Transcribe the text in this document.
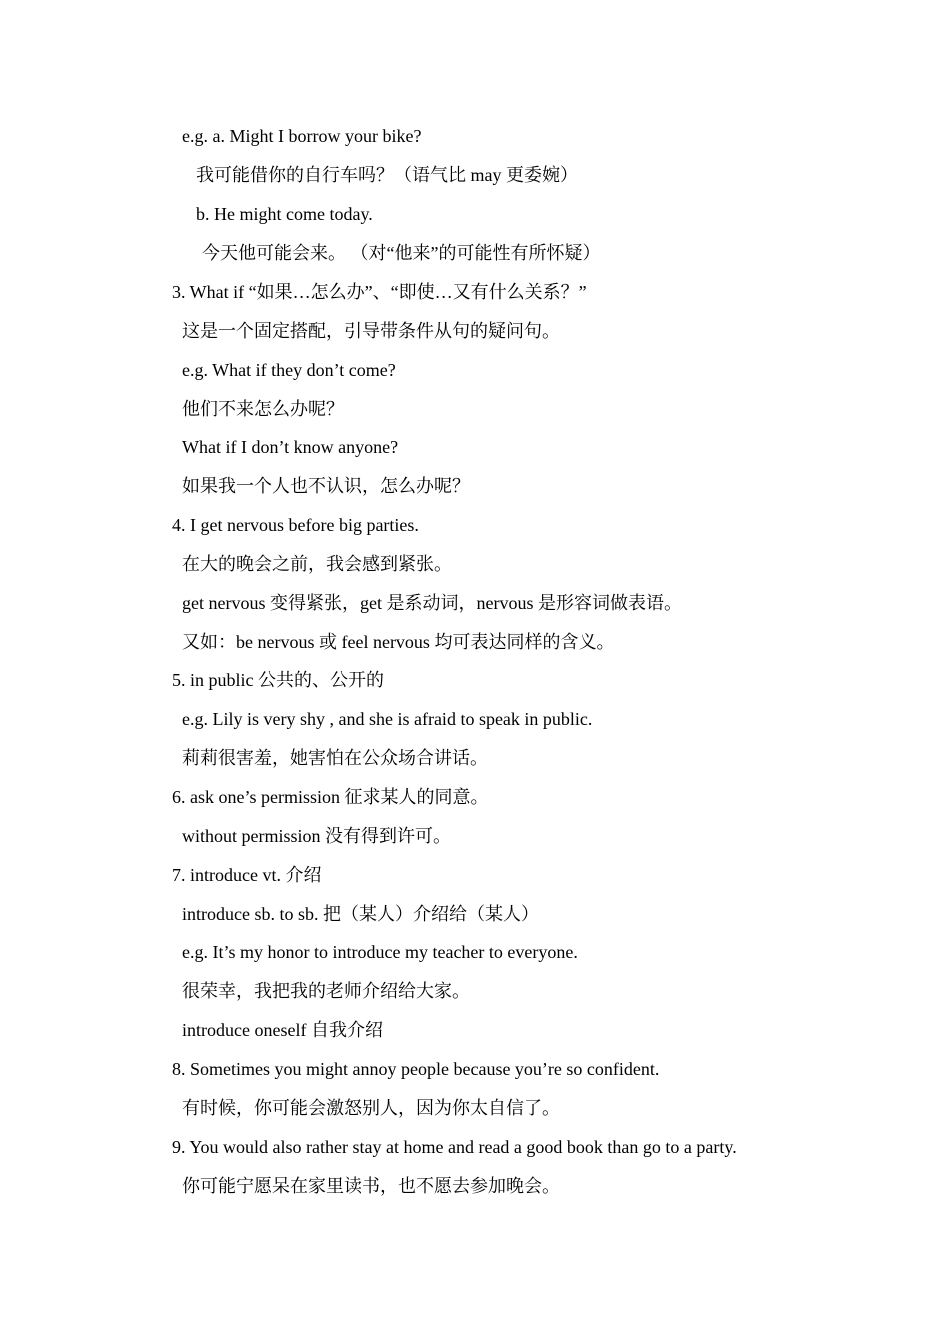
e.g. a. Might I borrow your bike?
我可能借你的自行车吗？（语气比 may 更委婉）
b. He might come today.
今天他可能会来。 （对“他来”的可能性有所怀疑）
3. What if “如果…怎么办”、“即使…又有什么关系？”
这是一个固定搭配，引导带条件从句的疑问句。
e.g. What if they don’t come?
他们不来怎么办呢？
What if I don’t know anyone?
如果我一个人也不认识，怎么办呢？
4. I get nervous before big parties.
在大的晚会之前，我会感到紧张。
get nervous 变得紧张，get 是系动词，nervous 是形容词做表语。
又如：be nervous 或 feel nervous 均可表达同样的含义。
5. in public 公共的、公开的
e.g. Lily is very shy , and she is afraid to speak in public.
莉莉很害羞，她害怕在公众场合讲话。
6. ask one’s permission 征求某人的同意。
without permission 没有得到许可。
7. introduce vt. 介绍
introduce sb. to sb. 把（某人）介绍给（某人）
e.g. It’s my honor to introduce my teacher to everyone.
很荣幸，我把我的老师介绍给大家。
introduce oneself 自我介绍
8. Sometimes you might annoy people because you’re so confident.
有时候，你可能会激怒别人，因为你太自信了。
9. You would also rather stay at home and read a good book than go to a party.
你可能宁愿呆在家里读书，也不愿去参加晚会。
